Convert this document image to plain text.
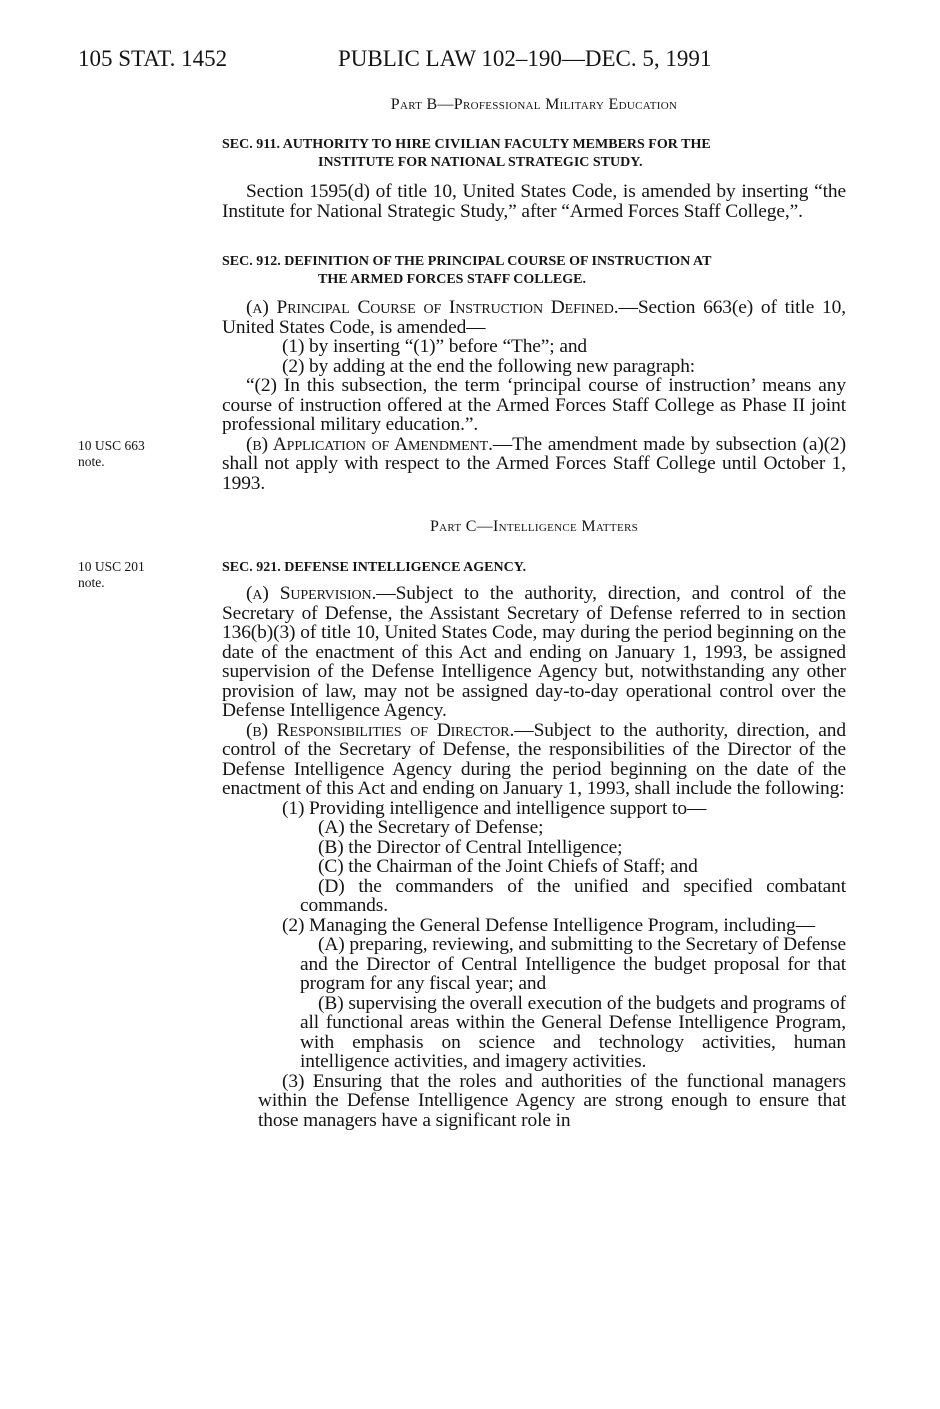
105 STAT. 1452	PUBLIC LAW 102–190—DEC. 5, 1991
Part B—Professional Military Education
SEC. 911. AUTHORITY TO HIRE CIVILIAN FACULTY MEMBERS FOR THE
INSTITUTE FOR NATIONAL STRATEGIC STUDY.

Section 1595(d) of title 10, United States Code, is amended by inserting “the Institute for National Strategic Study,” after “Armed Forces Staff College,”.

SEC. 912. DEFINITION OF THE PRINCIPAL COURSE OF INSTRUCTION AT
THE ARMED FORCES STAFF COLLEGE.

(a) Principal Course of Instruction Defined.—Section 663(e) of title 10, United States Code, is amended—

(1) by inserting “(1)” before “The”; and

(2) by adding at the end the following new paragraph:

“(2) In this subsection, the term ‘principal course of instruction’ means any course of instruction offered at the Armed Forces Staff College as Phase II joint professional military education.”.

(b) Application of Amendment.—The amendment made by subsection (a)(2) shall not apply with respect to the Armed Forces Staff College until October 1, 1993.

10 USC 663
note.
Part C—Intelligence Matters
10 USC 201
note.
SEC. 921. DEFENSE INTELLIGENCE AGENCY.

(a) Supervision.—Subject to the authority, direction, and control of the Secretary of Defense, the Assistant Secretary of Defense referred to in section 136(b)(3) of title 10, United States Code, may during the period beginning on the date of the enactment of this Act and ending on January 1, 1993, be assigned supervision of the Defense Intelligence Agency but, notwithstanding any other provision of law, may not be assigned day-to-day operational control over the Defense Intelligence Agency.

(b) Responsibilities of Director.—Subject to the authority, direction, and control of the Secretary of Defense, the responsibilities of the Director of the Defense Intelligence Agency during the period beginning on the date of the enactment of this Act and ending on January 1, 1993, shall include the following:

(1) Providing intelligence and intelligence support to—

(A) the Secretary of Defense;

(B) the Director of Central Intelligence;

(C) the Chairman of the Joint Chiefs of Staff; and

(D) the commanders of the unified and specified combatant commands.

(2) Managing the General Defense Intelligence Program, including—

(A) preparing, reviewing, and submitting to the Secretary of Defense and the Director of Central Intelligence the budget proposal for that program for any fiscal year; and

(B) supervising the overall execution of the budgets and programs of all functional areas within the General Defense Intelligence Program, with emphasis on science and technology activities, human intelligence activities, and imagery activities.

(3) Ensuring that the roles and authorities of the functional managers within the Defense Intelligence Agency are strong enough to ensure that those managers have a significant role in
